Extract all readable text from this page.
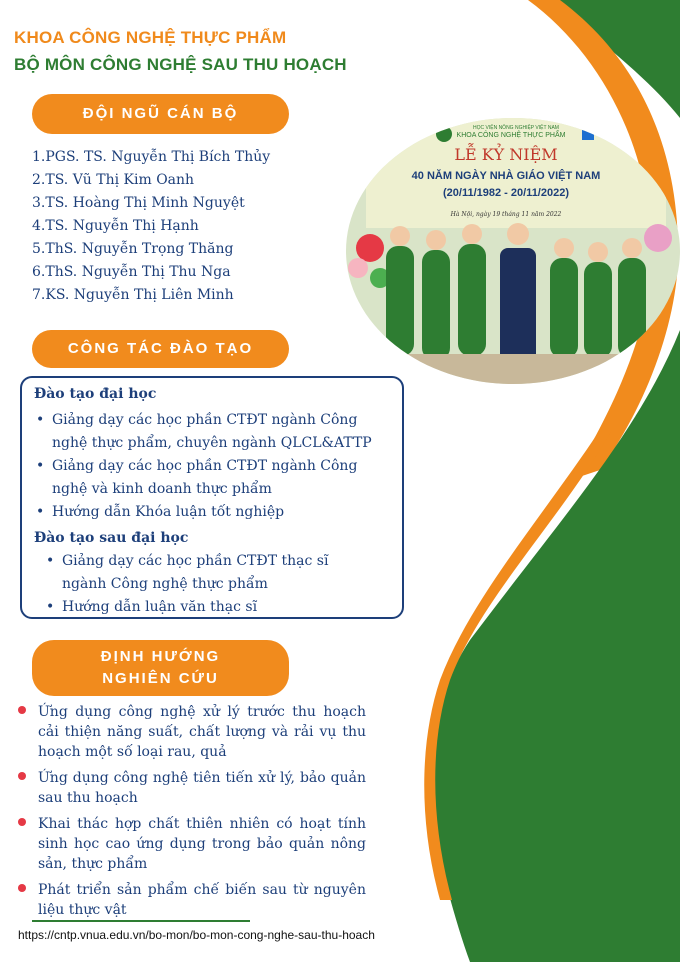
KHOA CÔNG NGHỆ THỰC PHẨM
BỘ MÔN CÔNG NGHỆ SAU THU HOẠCH
HỌC VIỆN NÔNG NGHIỆP VIỆT NAM
KHOA CÔNG NGHỆ THỰC PHẨM
LỄ KỶ NIỆM
40 NĂM NGÀY NHÀ GIÁO VIỆT NAM
(20/11/1982 - 20/11/2022)
Hà Nội, ngày 19 tháng 11 năm 2022
ĐỘI NGŨ CÁN BỘ
1.PGS. TS. Nguyễn Thị Bích Thủy
2.TS. Vũ Thị Kim Oanh
3.TS. Hoàng Thị Minh Nguyệt
4.TS. Nguyễn Thị Hạnh
5.ThS. Nguyễn Trọng Thăng
6.ThS. Nguyễn Thị Thu Nga
7.KS. Nguyễn Thị Liên Minh
CÔNG TÁC ĐÀO TẠO
Đào tạo đại học
• Giảng dạy các học phần CTĐT ngành Công nghệ thực phẩm, chuyên ngành QLCL&ATTP
• Giảng dạy các học phần CTĐT ngành Công nghệ và kinh doanh thực phẩm
• Hướng dẫn Khóa luận tốt nghiệp
Đào tạo sau đại học
• Giảng dạy các học phần CTĐT thạc sĩ ngành Công nghệ thực phẩm
• Hướng dẫn luận văn thạc sĩ
ĐỊNH HƯỚNG
NGHIÊN CỨU
Ứng dụng công nghệ xử lý trước thu hoạch cải thiện năng suất, chất lượng và rải vụ thu hoạch một số loại rau, quả
Ứng dụng công nghệ tiên tiến xử lý, bảo quản sau thu hoạch
Khai thác hợp chất thiên nhiên có hoạt tính sinh học cao ứng dụng trong bảo quản nông sản, thực phẩm
Phát triển sản phẩm chế biến sau từ nguyên liệu thực vật
https://cntp.vnua.edu.vn/bo-mon/bo-mon-cong-nghe-sau-thu-hoach
